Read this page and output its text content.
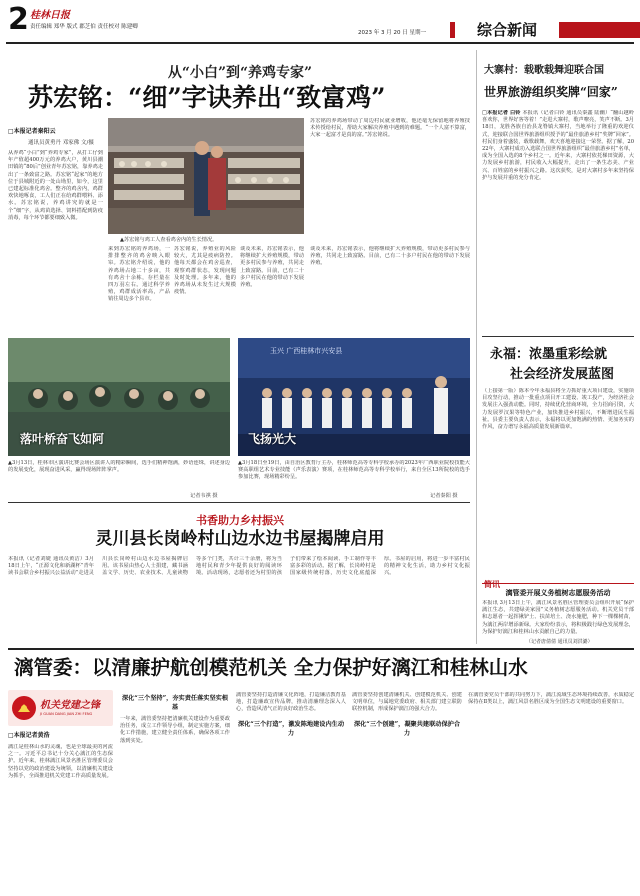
2 桂林日报
责任编辑 郑华 版式 郡芝伯 责任校对 陈建卿
2023 年 3 月 20 日 星期一	综合新闻
从“小白”到“养鸡专家”
苏宏铭：“细”字诀养出“致富鸡”
□本报记者秦阳云
通讯员黄勇丹 邓家佛 文/摄
从养鸡“小白”到“养鸡专家”，从打工仔到年产值超400万元的养鸡大户，黄川县潮田镇的“80后”创业青年苏宏铭，靠养鸡走出了一条致富之路。苏宏铭“起家”的地方位于县城附近的一处山坳里，如今，这里已建起标准化鸡舍。整齐的鸡舍内，鸡群欢快地啄食，工人们正在给鸡群喂料、添水。苏宏铭说，养鸡讲究的就是一个“细”字，从鸡苗选择、饲料搭配到防疫消毒，每个环节都要细致入微。
▲苏宏铭与鸡工人查看鸡舍内的生长情况。
苏宏铭的养鸡场带动了周边村民就业增收，他还毫无保留地将养殖技术传授给村民，帮助大家解决养殖中遇到的难题。“一个人富不算富，大家一起富才是真的富。”苏宏铭说。
来到苏宏铭的养鸡场，一排排整齐的鸡舍映入眼帘。苏宏铭介绍说，他的养鸡场占地二十多亩，共有鸡舍十余栋，存栏量在四万羽左右。通过科学养殖，鸡群成活率高，产品销往周边多个县市。
苏宏铭说，养殖业的风险较大，尤其是疫病防控。他每天都会在鸡舍巡查，观察鸡群状态，发现问题及时处理。多年来，他的养鸡场从未发生过大规模疫情。
谈及未来，苏宏铭表示，他将继续扩大养殖规模，带动更多村民参与养殖，共同走上致富路。目前，已有二十多户村民在他的带动下发展养殖。
谈及未来，苏宏铭表示，他将继续扩大养殖规模，带动更多村民参与养殖，共同走上致富路。目前，已有二十多户村民在他的带动下发展养殖。
落叶桥奋飞如阿
玉兴 广西桂林市兴安县
飞扬光大
▲3月13日，桂林市区演讲比赛会场区演讲人的精彩瞬间，选手们精神饱满，妙语连珠，讲述身边的发展变化，展现奋进风采，赢得现场阵阵掌声。
记者韦祺 摄
▲3月18日至19日，由自治区教育厅主办，桂林师范高等专科学校承办的2023年广西职业院校技能大赛高职组艺术专业技能（声乐表演）赛项，在桂林师范高等专科学校举行，来自全区13所院校的选手参加比赛，现场精彩纷呈。
记者秦阳 摄
书香助力乡村振兴
灵川县长岗岭村山边水边书屋揭牌启用
本报讯（记者刘婕 通讯员黄洁）3月18日上午，“正源文化和新湖杯”青年读书会联合乡村振兴公益活动”走进灵川县长岗岭村山边水边书屋揭牌启用。该书屋由热心人士捐建，藏书涵盖文学、历史、农业技术、儿童读物等多个门类，共计三千余册，将为当地村民和青少年提供良好的阅读环境。活动现场，志愿者还为村里的孩子们带来了绘本阅读、手工制作等丰富多彩的活动。据了解，长岗岭村是国家级传统村落，历史文化底蕴深厚。书屋的启用，将进一步丰富村民的精神文化生活，助力乡村文化振兴。
漓管委：以清廉护航创模范机关 全力保护好漓江和桂林山水
机关党建之锋
JI GUAN DANG JIAN ZHI FENG
□本报记者黄浩
漓江是桂林山水的灵魂，也是全球最美的河流之一。习近平总书记十分关心漓江的生态保护。近年来，桂林漓江风景名胜区管理委员会坚持以党的政治建设为统领，以清廉机关建设为抓手，全面推进机关党建工作高质量发展。
深化“三个坚持”，夯实责任落实坚实根基
一年来，漓管委坚持把清廉机关建设作为重要政治任务，成立工作领导小组，制定实施方案，细化工作措施，建立健全责任体系，确保各项工作落到实处。
漓管委坚持打造清廉文化阵地，打造廉洁教育基地，打造廉政宣传品牌，推动清廉理念深入人心，营造风清气正的良好政治生态。
深化“三个打造”，激发陈地建设内生动力
漓管委坚持创建清廉机关、创建模范机关、创建文明单位，与属地党委政府、相关部门建立联防联控机制，形成保护漓江的强大合力。
深化“三个创建”，凝聚共建联动保护合力
在漓管委党员干部的共同努力下，漓江流域生态环境持续改善，水质稳定保持在Ⅱ类以上，漓江风景名胜区成为全国生态文明建设的重要窗口。
大寨村：载歌载舞迎联合国
世界旅游组织奖牌“回家”
□本报记者 白铃 本报讯（记者白铃 通讯员秦鑫 陆幽）“翻山越岭喜欢你，世界好客等着！”走进大寨村，歌声嘹亮，笑声不断。3月18日，龙胜各族自治县龙脊镇大寨村，当地举行了隆重的欢迎仪式，迎接联合国世界旅游组织授予的“最佳旅游乡村”奖牌“回家”。村民们身着盛装，载歌载舞，欢天喜地迎接这一荣誉。据了解，2022年，大寨村成功入选联合国世界旅游组织“最佳旅游乡村”名单，成为全国入选的8个乡村之一。近年来，大寨村依托梯田资源，大力发展乡村旅游，村民收入大幅提升，走出了一条生态美、产业兴、百姓富的乡村振兴之路。这次获奖，是对大寨村多年来坚持保护与发展并重的充分肯定。
永福：浓墨重彩绘就
社会经济发展蓝图
（上接第一版）陈本今年永福县将全力抓好重大项目建设，实施项目攻坚行动，推动一批重点项目开工建设、竣工投产，为经济社会发展注入强劲动能。同时，持续优化营商环境，全力招商引资，大力发展罗汉果等特色产业，加快推进乡村振兴，不断增进民生福祉。县委主要负责人表示，永福将以更加饱满的热情、更加务实的作风，奋力谱写永福高质量发展新篇章。
简讯
漓管委开展义务植树志愿服务活动
本报讯 3月13日上午，漓江风景名胜区管理委员会组织开展“保护漓江生态，共建绿美家园”义务植树志愿服务活动。机关党员干部和志愿者一起挥锹铲土、扶苗培土、浇水施肥，种下一棵棵树苗，为漓江两岸增添新绿。大家纷纷表示，将积极践行绿色发展理念，为保护好漓江和桂林山水贡献自己的力量。
（记者唐倩倩 通讯员刘洪潞）
